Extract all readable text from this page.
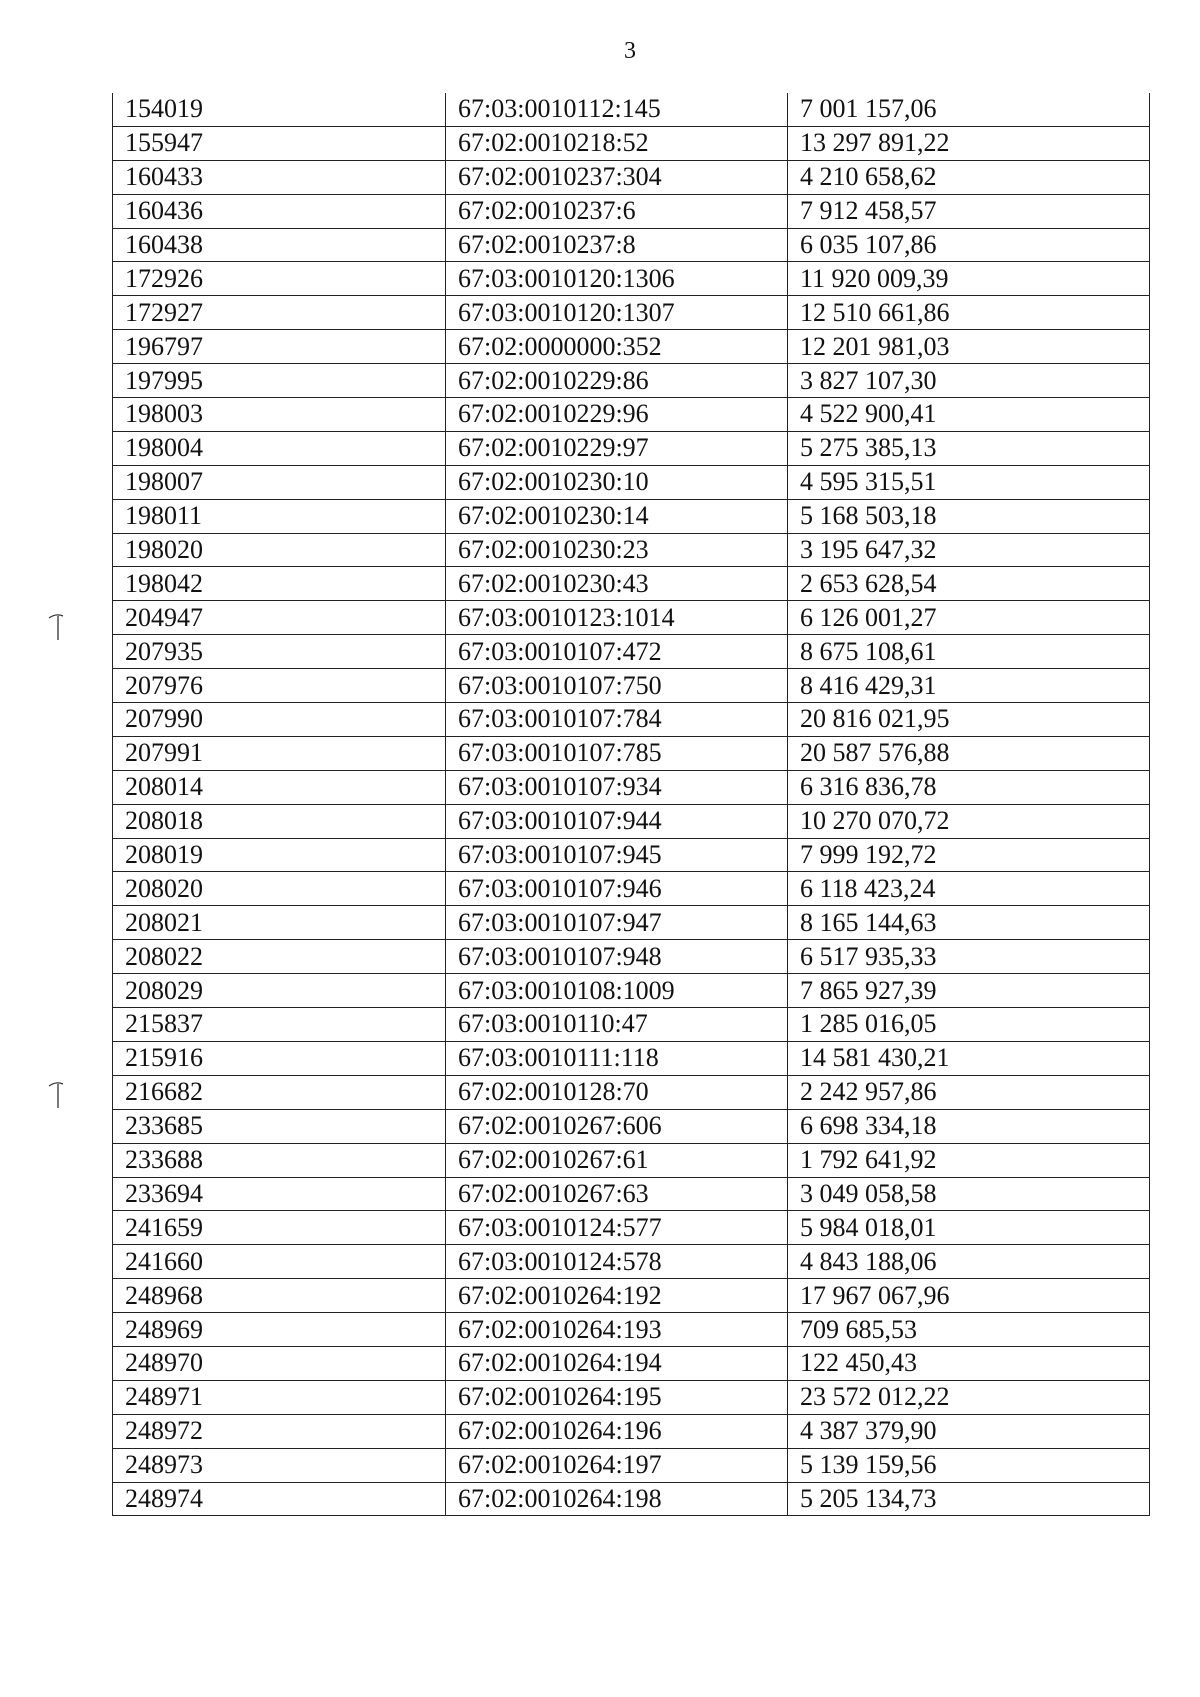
3
154019	67:03:0010112:145	7 001 157,06
155947	67:02:0010218:52	13 297 891,22
160433	67:02:0010237:304	4 210 658,62
160436	67:02:0010237:6	7 912 458,57
160438	67:02:0010237:8	6 035 107,86
172926	67:03:0010120:1306	11 920 009,39
172927	67:03:0010120:1307	12 510 661,86
196797	67:02:0000000:352	12 201 981,03
197995	67:02:0010229:86	3 827 107,30
198003	67:02:0010229:96	4 522 900,41
198004	67:02:0010229:97	5 275 385,13
198007	67:02:0010230:10	4 595 315,51
198011	67:02:0010230:14	5 168 503,18
198020	67:02:0010230:23	3 195 647,32
198042	67:02:0010230:43	2 653 628,54
204947	67:03:0010123:1014	6 126 001,27
207935	67:03:0010107:472	8 675 108,61
207976	67:03:0010107:750	8 416 429,31
207990	67:03:0010107:784	20 816 021,95
207991	67:03:0010107:785	20 587 576,88
208014	67:03:0010107:934	6 316 836,78
208018	67:03:0010107:944	10 270 070,72
208019	67:03:0010107:945	7 999 192,72
208020	67:03:0010107:946	6 118 423,24
208021	67:03:0010107:947	8 165 144,63
208022	67:03:0010107:948	6 517 935,33
208029	67:03:0010108:1009	7 865 927,39
215837	67:03:0010110:47	1 285 016,05
215916	67:03:0010111:118	14 581 430,21
216682	67:02:0010128:70	2 242 957,86
233685	67:02:0010267:606	6 698 334,18
233688	67:02:0010267:61	1 792 641,92
233694	67:02:0010267:63	3 049 058,58
241659	67:03:0010124:577	5 984 018,01
241660	67:03:0010124:578	4 843 188,06
248968	67:02:0010264:192	17 967 067,96
248969	67:02:0010264:193	709 685,53
248970	67:02:0010264:194	122 450,43
248971	67:02:0010264:195	23 572 012,22
248972	67:02:0010264:196	4 387 379,90
248973	67:02:0010264:197	5 139 159,56
248974	67:02:0010264:198	5 205 134,73
